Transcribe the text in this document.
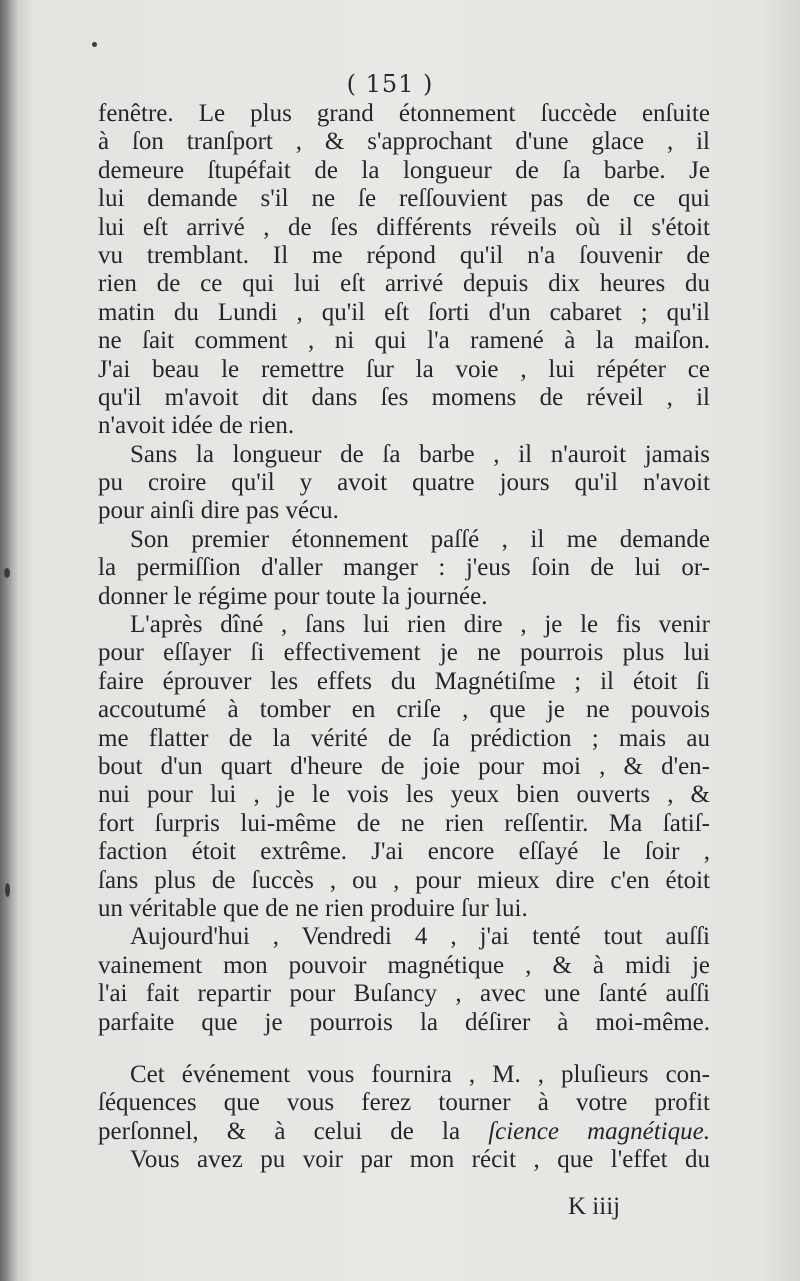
( 151 )
fenêtre. Le plus grand étonnement ſuccède enſuite
à ſon tranſport , & s'approchant d'une glace , il
demeure ſtupéfait de la longueur de ſa barbe. Je
lui demande s'il ne ſe reſſouvient pas de ce qui
lui eſt arrivé , de ſes différents réveils où il s'étoit
vu tremblant. Il me répond qu'il n'a ſouvenir de
rien de ce qui lui eſt arrivé depuis dix heures du
matin du Lundi , qu'il eſt ſorti d'un cabaret ; qu'il
ne ſait comment , ni qui l'a ramené à la maiſon.
J'ai beau le remettre ſur la voie , lui répéter ce
qu'il m'avoit dit dans ſes momens de réveil , il
n'avoit idée de rien.
Sans la longueur de ſa barbe , il n'auroit jamais
pu croire qu'il y avoit quatre jours qu'il n'avoit
pour ainſi dire pas vécu.
Son premier étonnement paſſé , il me demande
la permiſſion d'aller manger : j'eus ſoin de lui or-
donner le régime pour toute la journée.
L'après dîné , ſans lui rien dire , je le fis venir
pour eſſayer ſi effectivement je ne pourrois plus lui
faire éprouver les effets du Magnétiſme ; il étoit ſi
accoutumé à tomber en criſe , que je ne pouvois
me flatter de la vérité de ſa prédiction ; mais au
bout d'un quart d'heure de joie pour moi , & d'en-
nui pour lui , je le vois les yeux bien ouverts , &
fort ſurpris lui-même de ne rien reſſentir. Ma ſatiſ-
faction étoit extrême. J'ai encore eſſayé le ſoir ,
ſans plus de ſuccès , ou , pour mieux dire c'en étoit
un véritable que de ne rien produire ſur lui.
Aujourd'hui , Vendredi 4 , j'ai tenté tout auſſi
vainement mon pouvoir magnétique , & à midi je
l'ai fait repartir pour Buſancy , avec une ſanté auſſi
parfaite que je pourrois la déſirer à moi-même.
Cet événement vous fournira , M. , pluſieurs con-
ſéquences que vous ferez tourner à votre profit
perſonnel, & à celui de la ſcience magnétique.
Vous avez pu voir par mon récit , que l'effet du
K iiij
